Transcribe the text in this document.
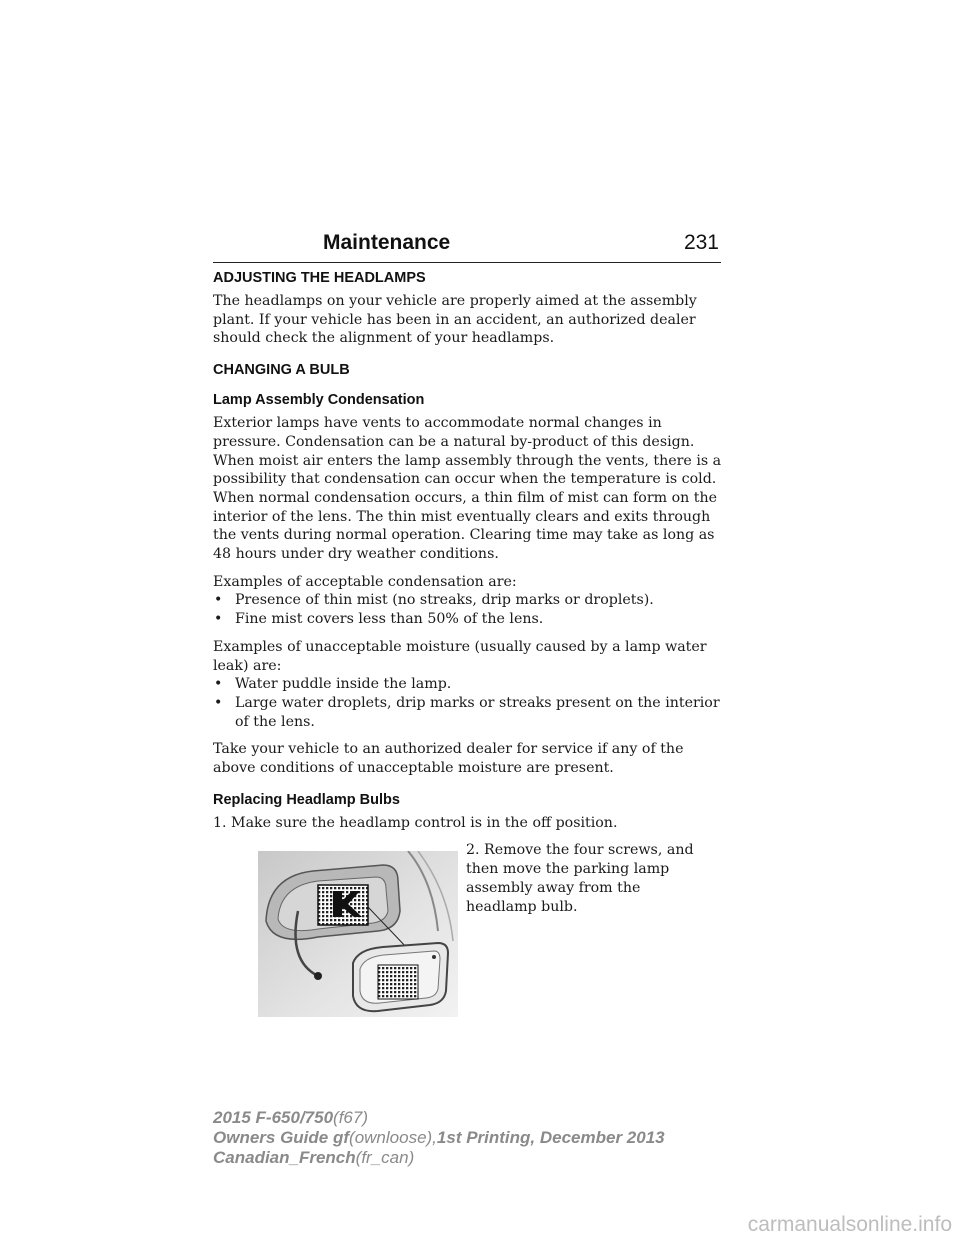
Maintenance	231
ADJUSTING THE HEADLAMPS

The headlamps on your vehicle are properly aimed at the assembly plant. If your vehicle has been in an accident, an authorized dealer should check the alignment of your headlamps.

CHANGING A BULB
Lamp Assembly Condensation

Exterior lamps have vents to accommodate normal changes in pressure. Condensation can be a natural by-product of this design. When moist air enters the lamp assembly through the vents, there is a possibility that condensation can occur when the temperature is cold. When normal condensation occurs, a thin film of mist can form on the interior of the lens. The thin mist eventually clears and exits through the vents during normal operation. Clearing time may take as long as 48 hours under dry weather conditions.

Examples of acceptable condensation are:

• Presence of thin mist (no streaks, drip marks or droplets).
• Fine mist covers less than 50% of the lens.

Examples of unacceptable moisture (usually caused by a lamp water leak) are:

• Water puddle inside the lamp.
• Large water droplets, drip marks or streaks present on the interior of the lens.

Take your vehicle to an authorized dealer for service if any of the above conditions of unacceptable moisture are present.

Replacing Headlamp Bulbs

1. Make sure the headlamp control is in the off position.

2. Remove the four screws, and then move the parking lamp assembly away from the headlamp bulb.

2015 F-650/750(f67)
Owners Guide gf(ownloose),1st Printing, December 2013
Canadian_French(fr_can)
carmanualsonline.info
